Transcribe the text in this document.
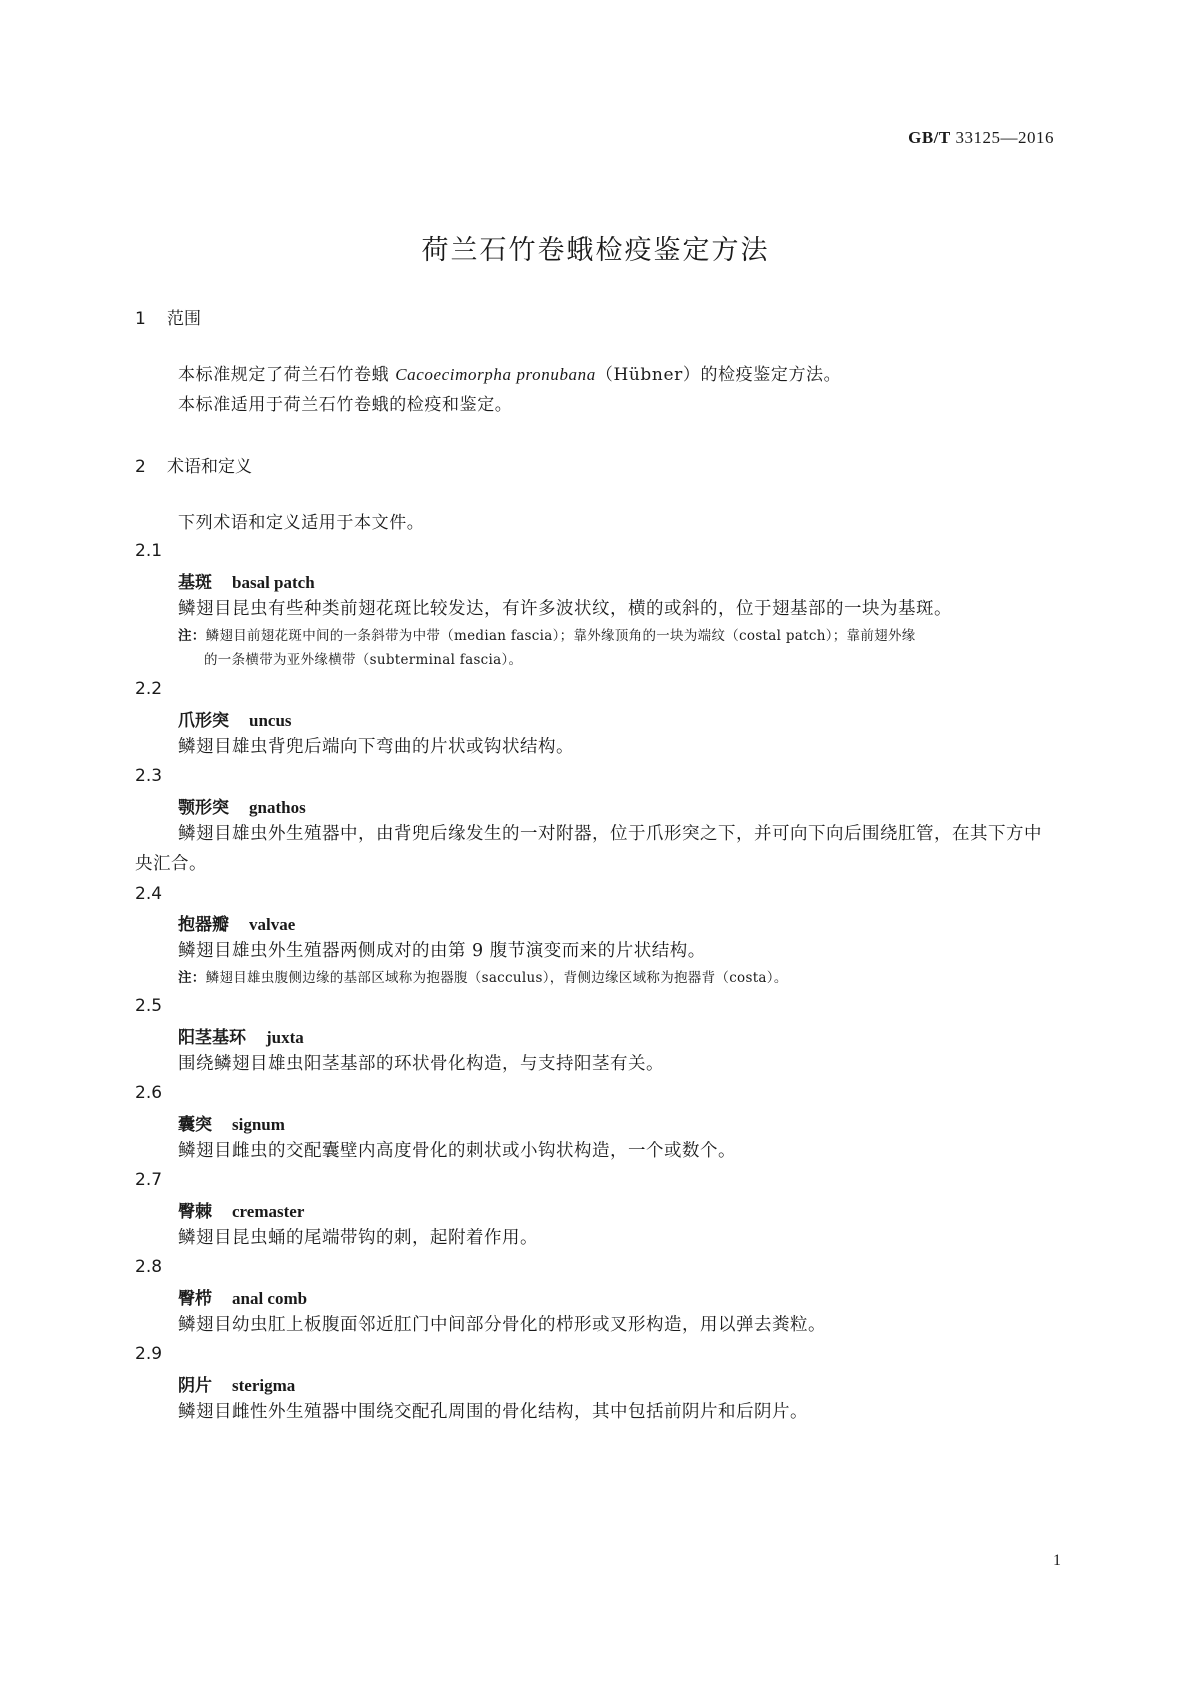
GB/T 33125—2016
荷兰石竹卷蛾检疫鉴定方法
1 范围
本标准规定了荷兰石竹卷蛾 Cacoecimorpha pronubana（Hübner）的检疫鉴定方法。
本标准适用于荷兰石竹卷蛾的检疫和鉴定。
2 术语和定义
下列术语和定义适用于本文件。
2.1
基斑 basal patch
鳞翅目昆虫有些种类前翅花斑比较发达，有许多波状纹，横的或斜的，位于翅基部的一块为基斑。
注：鳞翅目前翅花斑中间的一条斜带为中带（median fascia）；靠外缘顶角的一块为端纹（costal patch）；靠前翅外缘
的一条横带为亚外缘横带（subterminal fascia）。
2.2
爪形突 uncus
鳞翅目雄虫背兜后端向下弯曲的片状或钩状结构。
2.3
颚形突 gnathos
鳞翅目雄虫外生殖器中，由背兜后缘发生的一对附器，位于爪形突之下，并可向下向后围绕肛管，在其下方中央汇合。
2.4
抱器瓣 valvae
鳞翅目雄虫外生殖器两侧成对的由第 9 腹节演变而来的片状结构。
注：鳞翅目雄虫腹侧边缘的基部区域称为抱器腹（sacculus），背侧边缘区域称为抱器背（costa）。
2.5
阳茎基环 juxta
围绕鳞翅目雄虫阳茎基部的环状骨化构造，与支持阳茎有关。
2.6
囊突 signum
鳞翅目雌虫的交配囊壁内高度骨化的刺状或小钩状构造，一个或数个。
2.7
臀棘 cremaster
鳞翅目昆虫蛹的尾端带钩的刺，起附着作用。
2.8
臀栉 anal comb
鳞翅目幼虫肛上板腹面邻近肛门中间部分骨化的栉形或叉形构造，用以弹去粪粒。
2.9
阴片 sterigma
鳞翅目雌性外生殖器中围绕交配孔周围的骨化结构，其中包括前阴片和后阴片。
1
